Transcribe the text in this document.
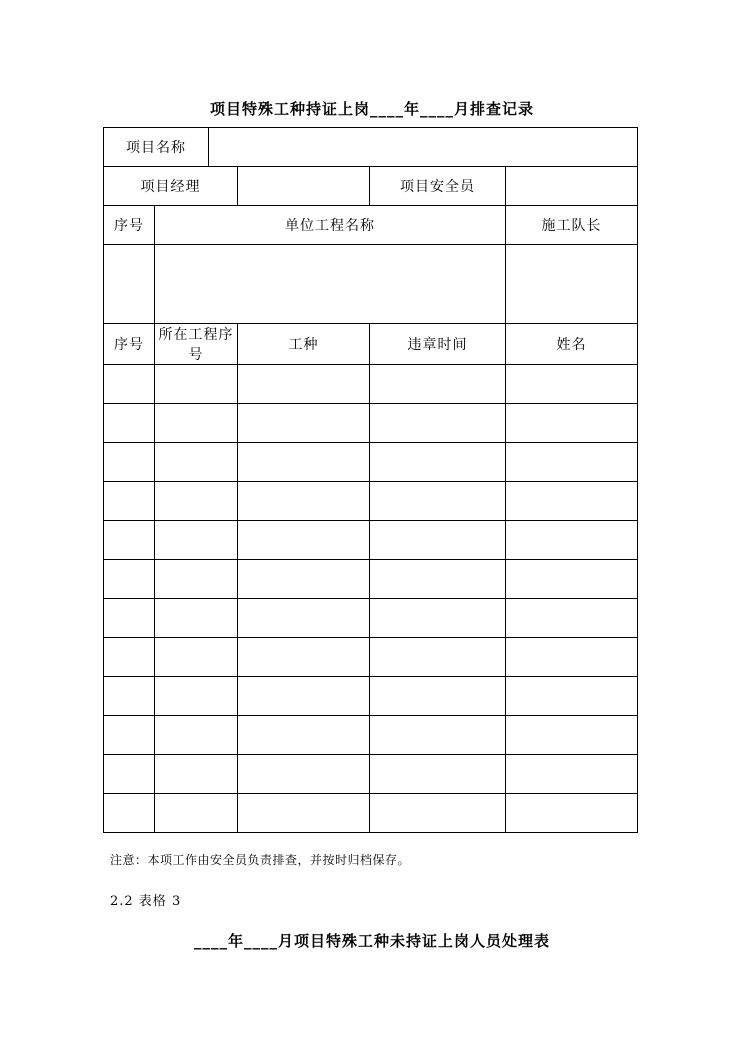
项目特殊工种持证上岗____年____月排查记录
项目名称					
项目经理				项目安全员	
序号	单位工程名称				施工队长

序号	所在工程序号		工种	违章时间	姓名

注意：本项工作由安全员负责排查，并按时归档保存。
2.2 表格 3
____年____月项目特殊工种未持证上岗人员处理表
